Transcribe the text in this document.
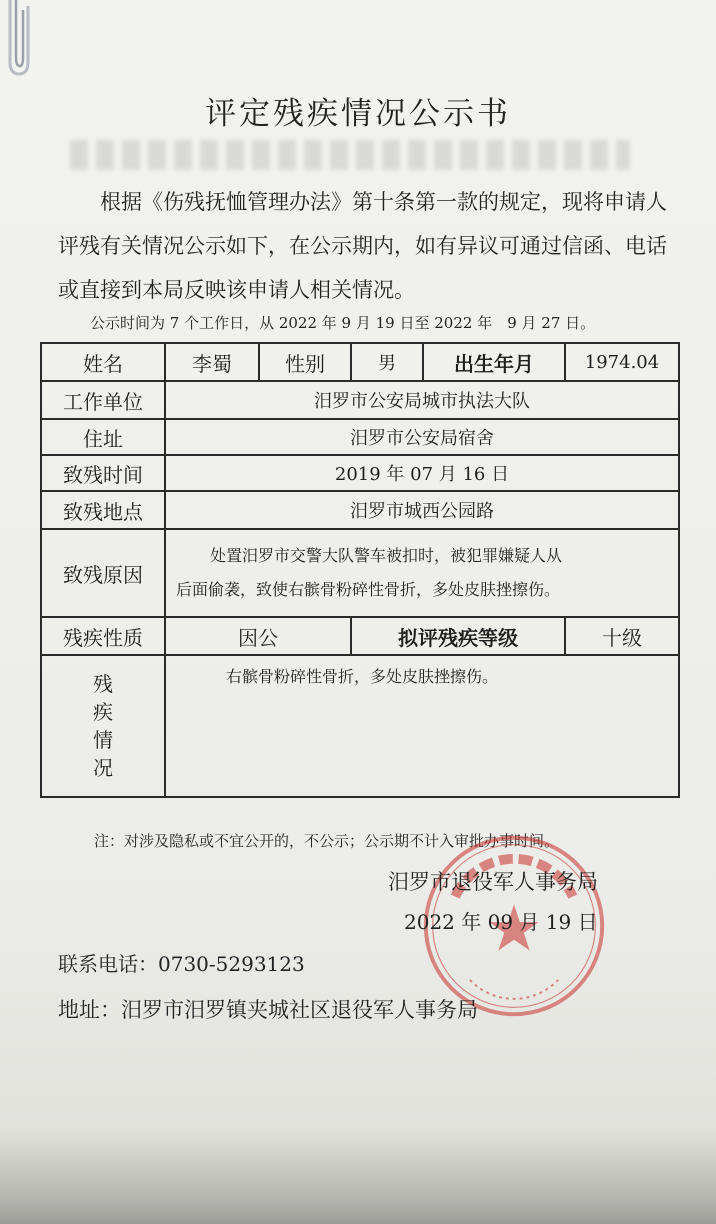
评定残疾情况公示书

根据《伤残抚恤管理办法》第十条第一款的规定，现将申请人评残有关情况公示如下，在公示期内，如有异议可通过信函、电话或直接到本局反映该申请人相关情况。

公示时间为 7 个工作日，从 2022 年 9 月 19 日至 2022 年　9 月 27 日。
姓名	李蜀	性别	男	出生年月	1974.04
工作单位	汨罗市公安局城市执法大队				
住址	汨罗市公安局宿舍				
致残时间	2019 年 07 月 16 日				
致残地点	汨罗市城西公园路				
致残原因	处置汨罗市交警大队警车被扣时，被犯罪嫌疑人从
后面偷袭，致使右髌骨粉碎性骨折，多处皮肤挫擦伤。				

残疾性质	因公		拟评残疾等级		十级

残
疾
情
况	右髌骨粉碎性骨折，多处皮肤挫擦伤。				
注：对涉及隐私或不宜公开的，不公示；公示期不计入审批办事时间。
汨罗市退役军人事务局
2022 年 09 月 19 日
联系电话：0730-5293123
地址：汨罗市汨罗镇夹城社区退役军人事务局
